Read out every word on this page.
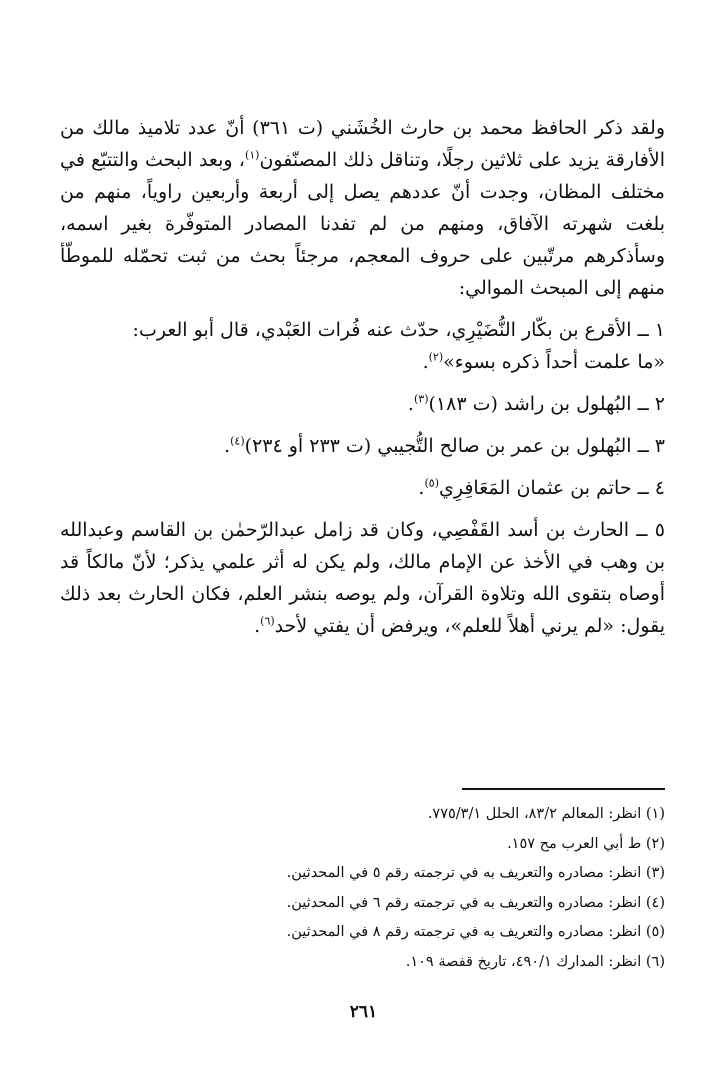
ولقد ذكر الحافظ محمد بن حارث الخُشَني (ت ٣٦١) أنّ عدد تلاميذ مالك من الأفارقة يزيد على ثلاثين رجلًا، وتناقل ذلك المصنّفون$^{(١)}$، وبعد البحث والتتبّع في مختلف المظان، وجدت أنّ عددهم يصل إلى أربعة وأربعين راوياً، منهم من بلغت شهرته الآفاق، ومنهم من لم تفدنا المصادر المتوفّرة بغير اسمه، وسأذكرهم مرتّبين على حروف المعجم، مرجئاً بحث من ثبت تحمّله للموطّأ منهم إلى المبحث الموالي:

١ ــ الأقرع بن بكّار النُّضَيْرِي، حدّث عنه فُرات العَبْدي، قال أبو العرب:

«ما علمت أحداً ذكره بسوء»$^{(٢)}$.

٢ ــ البُهلول بن راشد (ت ١٨٣)$^{(٣)}$.

٣ ــ البُهلول بن عمر بن صالح التُّجيبي (ت ٢٣٣ أو ٢٣٤)$^{(٤)}$.

٤ ــ حاتم بن عثمان المَعَافِرِي$^{(٥)}$.

٥ ــ الحارث بن أسد القَفْصِي، وكان قد زامل عبدالرّحمٰن بن القاسم وعبدالله بن وهب في الأخذ عن الإمام مالك، ولم يكن له أثر علمي يذكر؛ لأنّ مالكاً قد أوصاه بتقوى الله وتلاوة القرآن، ولم يوصه بنشر العلم، فكان الحارث بعد ذلك يقول: «لم يرني أهلاً للعلم»، ويرفض أن يفتي لأحد$^{(٦)}$.

(١) انظر: المعالم ٨٣/٢، الحلل ٧٧٥/٣/١.
(٢) ط أبي العرب مح ١٥٧.
(٣) انظر: مصادره والتعريف به في ترجمته رقم ٥ في المحدثين.
(٤) انظر: مصادره والتعريف به في ترجمته رقم ٦ في المحدثين.
(٥) انظر: مصادره والتعريف به في ترجمته رقم ٨ في المحدثين.
(٦) انظر: المدارك ٤٩٠/١، تاريخ قفصة ١٠٩.
٢٦١
